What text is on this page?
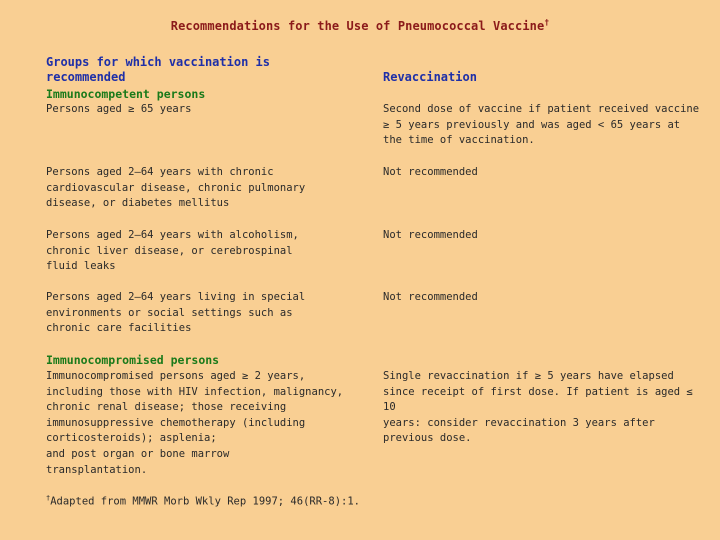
Recommendations for the Use of Pneumococcal Vaccine†
Groups for which vaccination is
recommended	Revaccination
Immunocompetent persons
Persons aged ≥ 65 years	Second dose of vaccine if patient received vaccine
≥ 5 years previously and was aged < 65 years at
the time of vaccination.
Persons aged 2–64 years with chronic
cardiovascular disease, chronic pulmonary
disease, or diabetes mellitus
Not recommended
Persons aged 2–64 years with alcoholism,
chronic liver disease, or cerebrospinal
fluid leaks
Not recommended
Persons aged 2–64 years living in special
environments or social settings such as
chronic care facilities
Not recommended
Immunocompromised persons
Immunocompromised persons aged ≥ 2 years,
including those with HIV infection, malignancy,
chronic renal disease; those receiving
immunosuppressive chemotherapy (including
corticosteroids); asplenia;
and post organ or bone marrow
transplantation.
Single revaccination if ≥ 5 years have elapsed
since receipt of first dose. If patient is aged ≤ 10
years: consider revaccination 3 years after
previous dose.
†Adapted from MMWR Morb Wkly Rep 1997; 46(RR-8):1.
